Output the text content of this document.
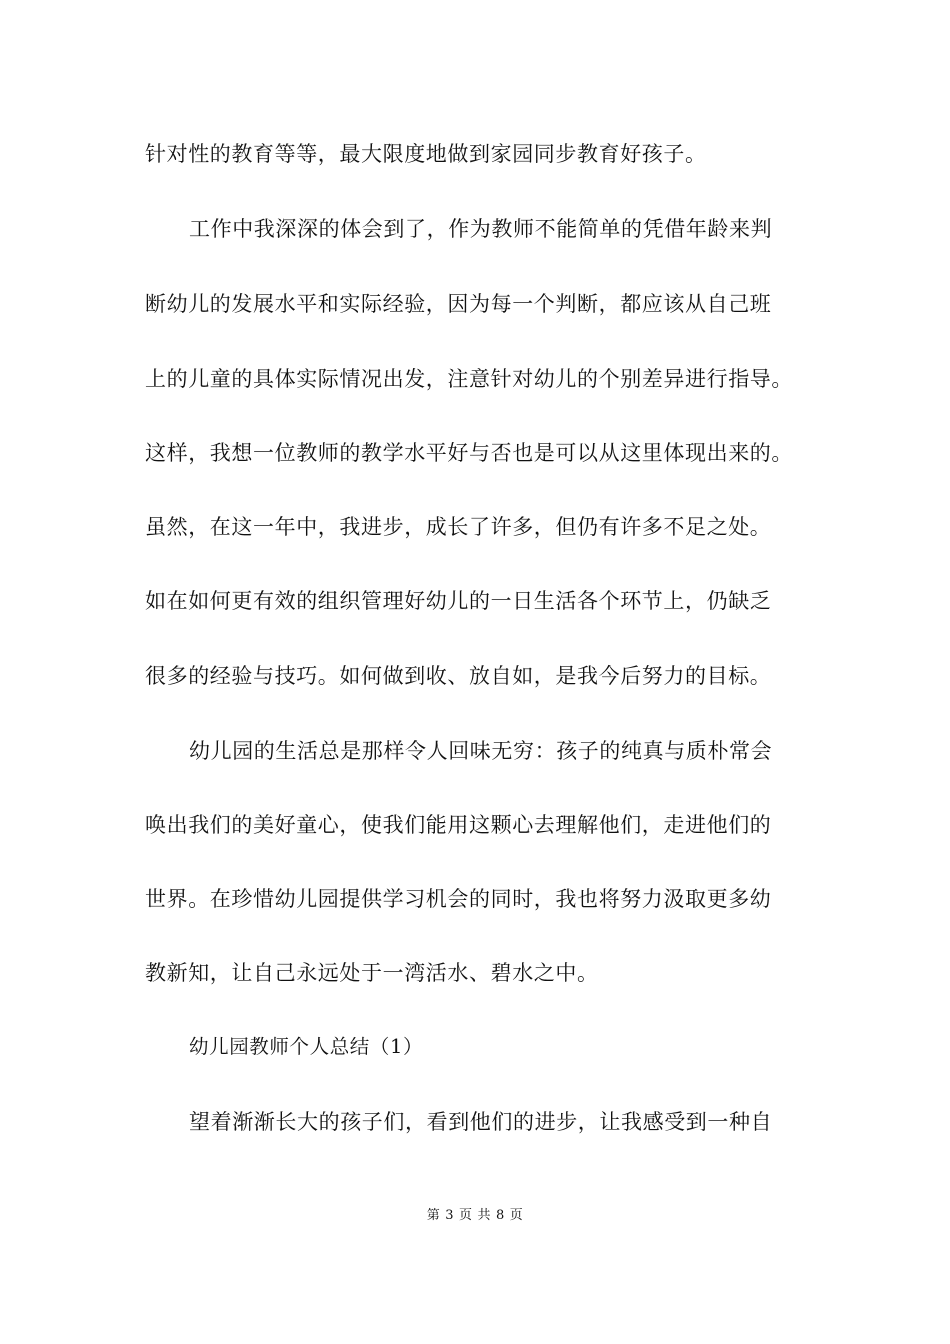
针对性的教育等等，最大限度地做到家园同步教育好孩子。
工作中我深深的体会到了，作为教师不能简单的凭借年龄来判
断幼儿的发展水平和实际经验，因为每一个判断，都应该从自己班
上的儿童的具体实际情况出发，注意针对幼儿的个别差异进行指导。
这样，我想一位教师的教学水平好与否也是可以从这里体现出来的。
虽然，在这一年中，我进步，成长了许多，但仍有许多不足之处。
如在如何更有效的组织管理好幼儿的一日生活各个环节上，仍缺乏
很多的经验与技巧。如何做到收、放自如，是我今后努力的目标。
幼儿园的生活总是那样令人回味无穷：孩子的纯真与质朴常会
唤出我们的美好童心，使我们能用这颗心去理解他们，走进他们的
世界。在珍惜幼儿园提供学习机会的同时，我也将努力汲取更多幼
教新知，让自己永远处于一湾活水、碧水之中。
幼儿园教师个人总结（1）
望着渐渐长大的孩子们，看到他们的进步，让我感受到一种自
第 3 页 共 8 页
